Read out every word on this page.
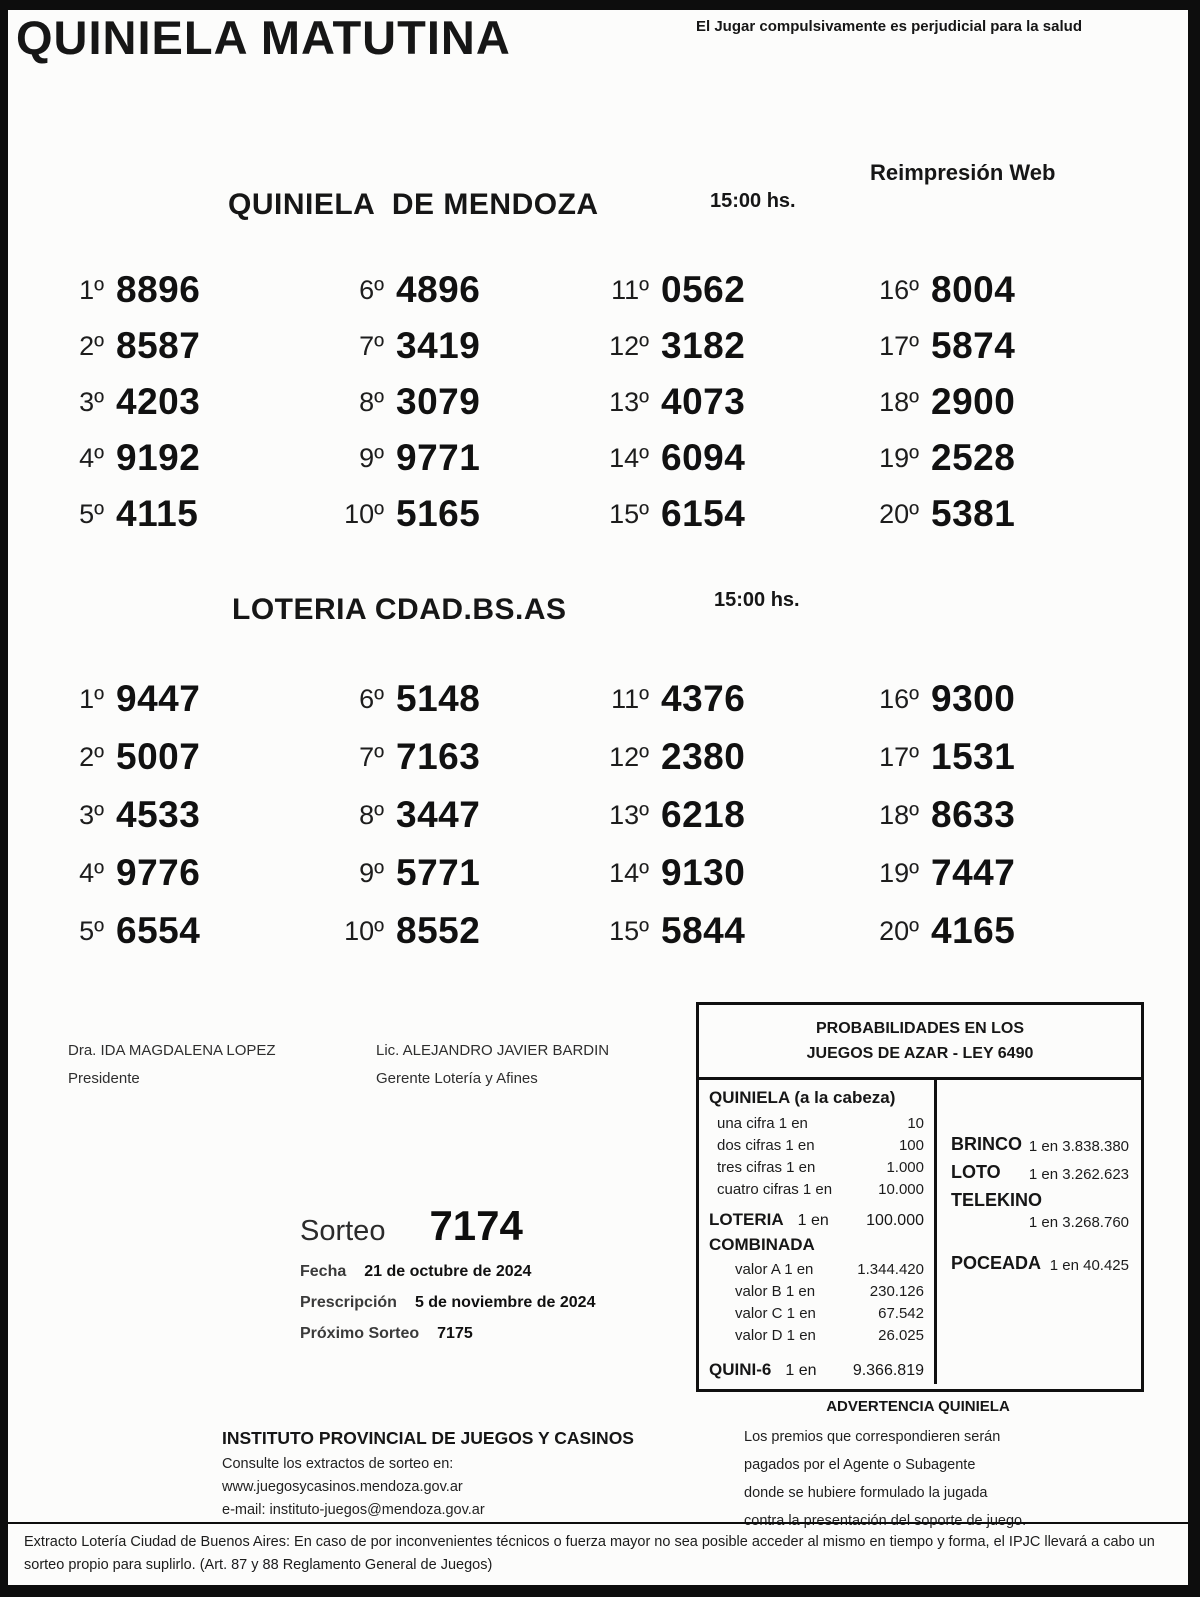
QUINIELA MATUTINA	El Jugar compulsivamente es perjudicial para la salud
QUINIELA  DE MENDOZA	15:00 hs.
Reimpresión Web
1º 8896
2º 8587
3º 4203
4º 9192
5º 4115
6º 4896
7º 3419
8º 3079
9º 9771
10º 5165
11º 0562
12º 3182
13º 4073
14º 6094
15º 6154
16º 8004
17º 5874
18º 2900
19º 2528
20º 5381
LOTERIA CDAD.BS.AS	15:00 hs.
1º 9447
2º 5007
3º 4533
4º 9776
5º 6554
6º 5148
7º 7163
8º 3447
9º 5771
10º 8552
11º 4376
12º 2380
13º 6218
14º 9130
15º 5844
16º 9300
17º 1531
18º 8633
19º 7447
20º 4165
Dra. IDA MAGDALENA LOPEZ
Presidente
Lic. ALEJANDRO JAVIER BARDIN
Gerente Lotería y Afines
PROBABILIDADES EN LOS
JUEGOS DE AZAR - LEY 6490
QUINIELA (a la cabeza)
una cifra 1 en	10
dos cifras 1 en	100
tres cifras 1 en	1.000
cuatro cifras 1 en	10.000
LOTERIA 1 en 100.000
COMBINADA
valor A 1 en	1.344.420
valor B 1 en	230.126
valor C 1 en	67.542
valor D 1 en	26.025
QUINI-6 1 en 9.366.819
BRINCO 1 en 3.838.380
LOTO 1 en 3.262.623
TELEKINO
1 en 3.268.760
POCEADA 1 en 40.425
Sorteo 7174
Fecha 21 de octubre de 2024
Prescripción 5 de noviembre de 2024
Próximo Sorteo 7175
INSTITUTO PROVINCIAL DE JUEGOS Y CASINOS
Consulte los extractos de sorteo en:
www.juegosycasinos.mendoza.gov.ar
e-mail: instituto-juegos@mendoza.gov.ar
ADVERTENCIA QUINIELA
Los premios que correspondieren serán
pagados por el Agente o Subagente
donde se hubiere formulado la jugada
contra la presentación del soporte de juego.
Extracto Lotería Ciudad de Buenos Aires: En caso de por inconvenientes técnicos o fuerza mayor no sea posible acceder al mismo en tiempo y forma, el IPJC llevará a cabo un sorteo propio para suplirlo. (Art. 87 y 88 Reglamento General de Juegos)
